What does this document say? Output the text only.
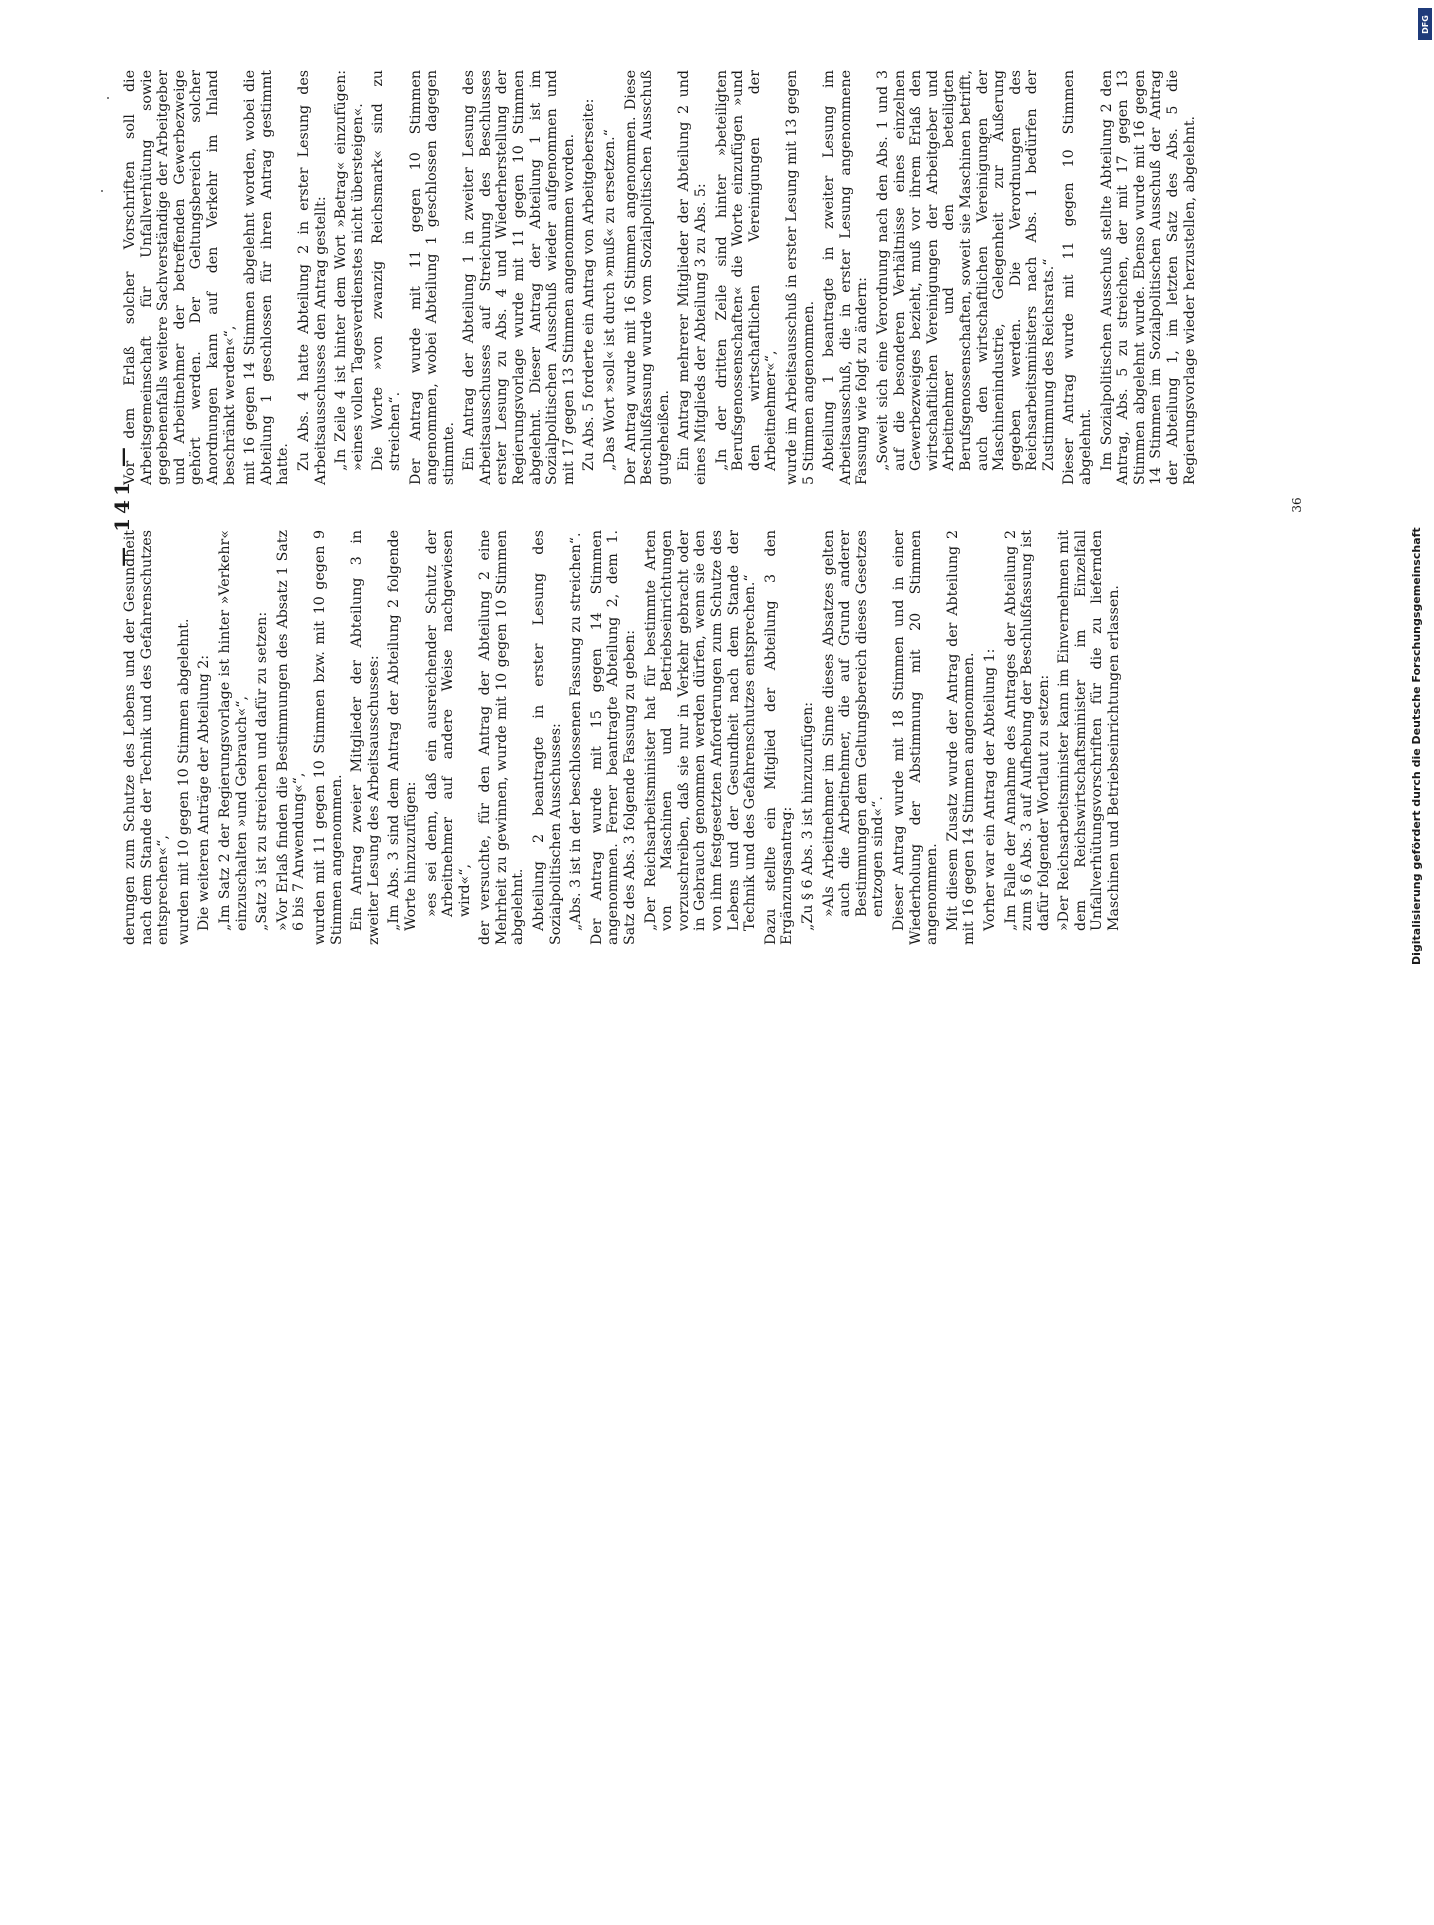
— 141 —

derungen zum Schutze des Lebens und der Gesundheit nach dem Stande der Technik und des Gefahrenschutzes entsprechen«“, wurden mit 10 gegen 10 Stimmen abgelehnt. Die weiteren Anträge der Abteilung 2: „Im Satz 2 der Regierungsvorlage ist hinter »Verkehr« einzuschalten »und Gebrauch«“, „Satz 3 ist zu streichen und dafür zu setzen: »Vor Erlaß finden die Bestimmungen des Absatz 1 Satz 6 bis 7 Anwendung«“, wurden mit 11 gegen 10 Stimmen bzw. mit 10 gegen 9 Stimmen angenommen. Ein Antrag zweier Mitglieder der Abteilung 3 in zweiter Lesung des Arbeitsausschusses: „Im Abs. 3 sind dem Antrag der Abteilung 2 folgende Worte hinzuzufügen: »es sei denn, daß ein ausreichender Schutz der Arbeitnehmer auf andere Weise nachgewiesen wird«“, der versuchte, für den Antrag der Abteilung 2 eine Mehrheit zu gewinnen, wurde mit 10 gegen 10 Stimmen abgelehnt. Abteilung 2 beantragte in erster Lesung des Sozialpolitischen Ausschusses: „Abs. 3 ist in der beschlossenen Fassung zu streichen“. Der Antrag wurde mit 15 gegen 14 Stimmen angenommen. Ferner beantragte Abteilung 2, dem 1. Satz des Abs. 3 folgende Fassung zu geben: „Der Reichsarbeitsminister hat für bestimmte Arten von Maschinen und Betriebseinrichtungen vorzuschreiben, daß sie nur in Verkehr gebracht oder in Gebrauch genommen werden dürfen, wenn sie den von ihm festgesetzten Anforderungen zum Schutze des Lebens und der Gesundheit nach dem Stande der Technik und des Gefahrenschutzes entsprechen.“ Dazu stellte ein Mitglied der Abteilung 3 den Ergänzungsantrag: „Zu § 6 Abs. 3 ist hinzuzufügen: »Als Arbeitnehmer im Sinne dieses Absatzes gelten auch die Arbeitnehmer, die auf Grund anderer Bestimmungen dem Geltungsbereich dieses Gesetzes entzogen sind«“. Dieser Antrag wurde mit 18 Stimmen und in einer Wiederholung der Abstimmung mit 20 Stimmen angenommen. Mit diesem Zusatz wurde der Antrag der Abteilung 2 mit 16 gegen 14 Stimmen angenommen. Vorher war ein Antrag der Abteilung 1: „Im Falle der Annahme des Antrages der Abteilung 2 zum § 6 Abs. 3 auf Aufhebung der Beschlußfassung ist dafür folgender Wortlaut zu setzen: »Der Reichsarbeitsminister kann im Einvernehmen mit dem Reichswirtschaftsminister im Einzelfall Unfallverhütungsvorschriften für die zu liefernden Maschinen und Betriebseinrichtungen erlassen.

Vor dem Erlaß solcher Vorschriften soll die Arbeitsgemeinschaft für Unfallverhütung sowie gegebenenfalls weitere Sachverständige der Arbeitgeber und Arbeitnehmer der betreffenden Gewerbezweige gehört werden. Der Geltungsbereich solcher Anordnungen kann auf den Verkehr im Inland beschränkt werden«“, mit 16 gegen 14 Stimmen abgelehnt worden, wobei die Abteilung 1 geschlossen für ihren Antrag gestimmt hatte. Zu Abs. 4 hatte Abteilung 2 in erster Lesung des Arbeitsausschusses den Antrag gestellt: „In Zeile 4 ist hinter dem Wort »Betrag« einzufügen: »eines vollen Tagesverdienstes nicht übersteigen«. Die Worte »von zwanzig Reichsmark« sind zu streichen“. Der Antrag wurde mit 11 gegen 10 Stimmen angenommen, wobei Abteilung 1 geschlossen dagegen stimmte. Ein Antrag der Abteilung 1 in zweiter Lesung des Arbeitsausschusses auf Streichung des Beschlusses erster Lesung zu Abs. 4 und Wiederherstellung der Regierungsvorlage wurde mit 11 gegen 10 Stimmen abgelehnt. Dieser Antrag der Abteilung 1 ist im Sozialpolitischen Ausschuß wieder aufgenommen und mit 17 gegen 13 Stimmen angenommen worden. Zu Abs. 5 forderte ein Antrag von Arbeitgeberseite: „Das Wort »soll« ist durch »muß« zu ersetzen.“ Der Antrag wurde mit 16 Stimmen angenommen. Diese Beschlußfassung wurde vom Sozialpolitischen Ausschuß gutgeheißen. Ein Antrag mehrerer Mitglieder der Abteilung 2 und eines Mitglieds der Abteilung 3 zu Abs. 5: „In der dritten Zeile sind hinter »beteiligten Berufsgenossenschaften« die Worte einzufügen »und den wirtschaftlichen Vereinigungen der Arbeitnehmer«“, wurde im Arbeitsausschuß in erster Lesung mit 13 gegen 5 Stimmen angenommen. Abteilung 1 beantragte in zweiter Lesung im Arbeitsausschuß, die in erster Lesung angenommene Fassung wie folgt zu ändern: „Soweit sich eine Verordnung nach den Abs. 1 und 3 auf die besonderen Verhältnisse eines einzelnen Gewerbezweiges bezieht, muß vor ihrem Erlaß den wirtschaftlichen Vereinigungen der Arbeitgeber und Arbeitnehmer und den beteiligten Berufsgenossenschaften, soweit sie Maschinen betrifft, auch den wirtschaftlichen Vereinigungen der Maschinenindustrie, Gelegenheit zur Äußerung gegeben werden. Die Verordnungen des Reichsarbeitsministers nach Abs. 1 bedürfen der Zustimmung des Reichsrats.“ Dieser Antrag wurde mit 11 gegen 10 Stimmen abgelehnt. Im Sozialpolitischen Ausschuß stellte Abteilung 2 den Antrag, Abs. 5 zu streichen, der mit 17 gegen 13 Stimmen abgelehnt wurde. Ebenso wurde mit 16 gegen 14 Stimmen im Sozialpolitischen Ausschuß der Antrag der Abteilung 1, im letzten Satz des Abs. 5 die Regierungsvorlage wieder herzustellen, abgelehnt.

36
Digitalisierung gefördert durch die Deutsche Forschungsgemeinschaft
DFG
